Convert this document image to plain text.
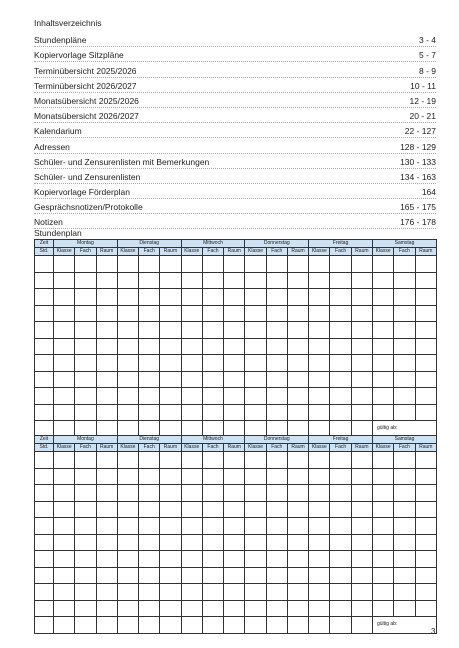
Inhaltsverzeichnis
Stundenpläne	3 - 4
Kopiervorlage Sitzpläne	5 - 7
Terminübersicht 2025/2026	8 - 9
Terminübersicht 2026/2027	10 - 11
Monatsübersicht 2025/2026	12 - 19
Monatsübersicht 2026/2027	20 - 21
Kalendarium	22 - 127
Adressen	128 - 129
Schüler- und Zensurenlisten mit Bemerkungen	130 - 133
Schüler- und Zensurenlisten	134 - 163
Kopiervorlage Förderplan	164
Gesprächsnotizen/Protokolle	165 - 175
Notizen	176 - 178
Stundenplan
Zeit	Montag			Dienstag			Mittwoch			Donnerstag			Freitag			Samstag		
Std.	Klasse	Fach	Raum	Klasse	Fach	Raum	Klasse	Fach	Raum	Klasse	Fach	Raum	Klasse	Fach	Raum	Klasse	Fach	Raum

																gültig ab:		
Zeit	Montag			Dienstag			Mittwoch			Donnerstag			Freitag			Samstag		
Std.	Klasse	Fach	Raum	Klasse	Fach	Raum	Klasse	Fach	Raum	Klasse	Fach	Raum	Klasse	Fach	Raum	Klasse	Fach	Raum

																gültig ab:		
3
